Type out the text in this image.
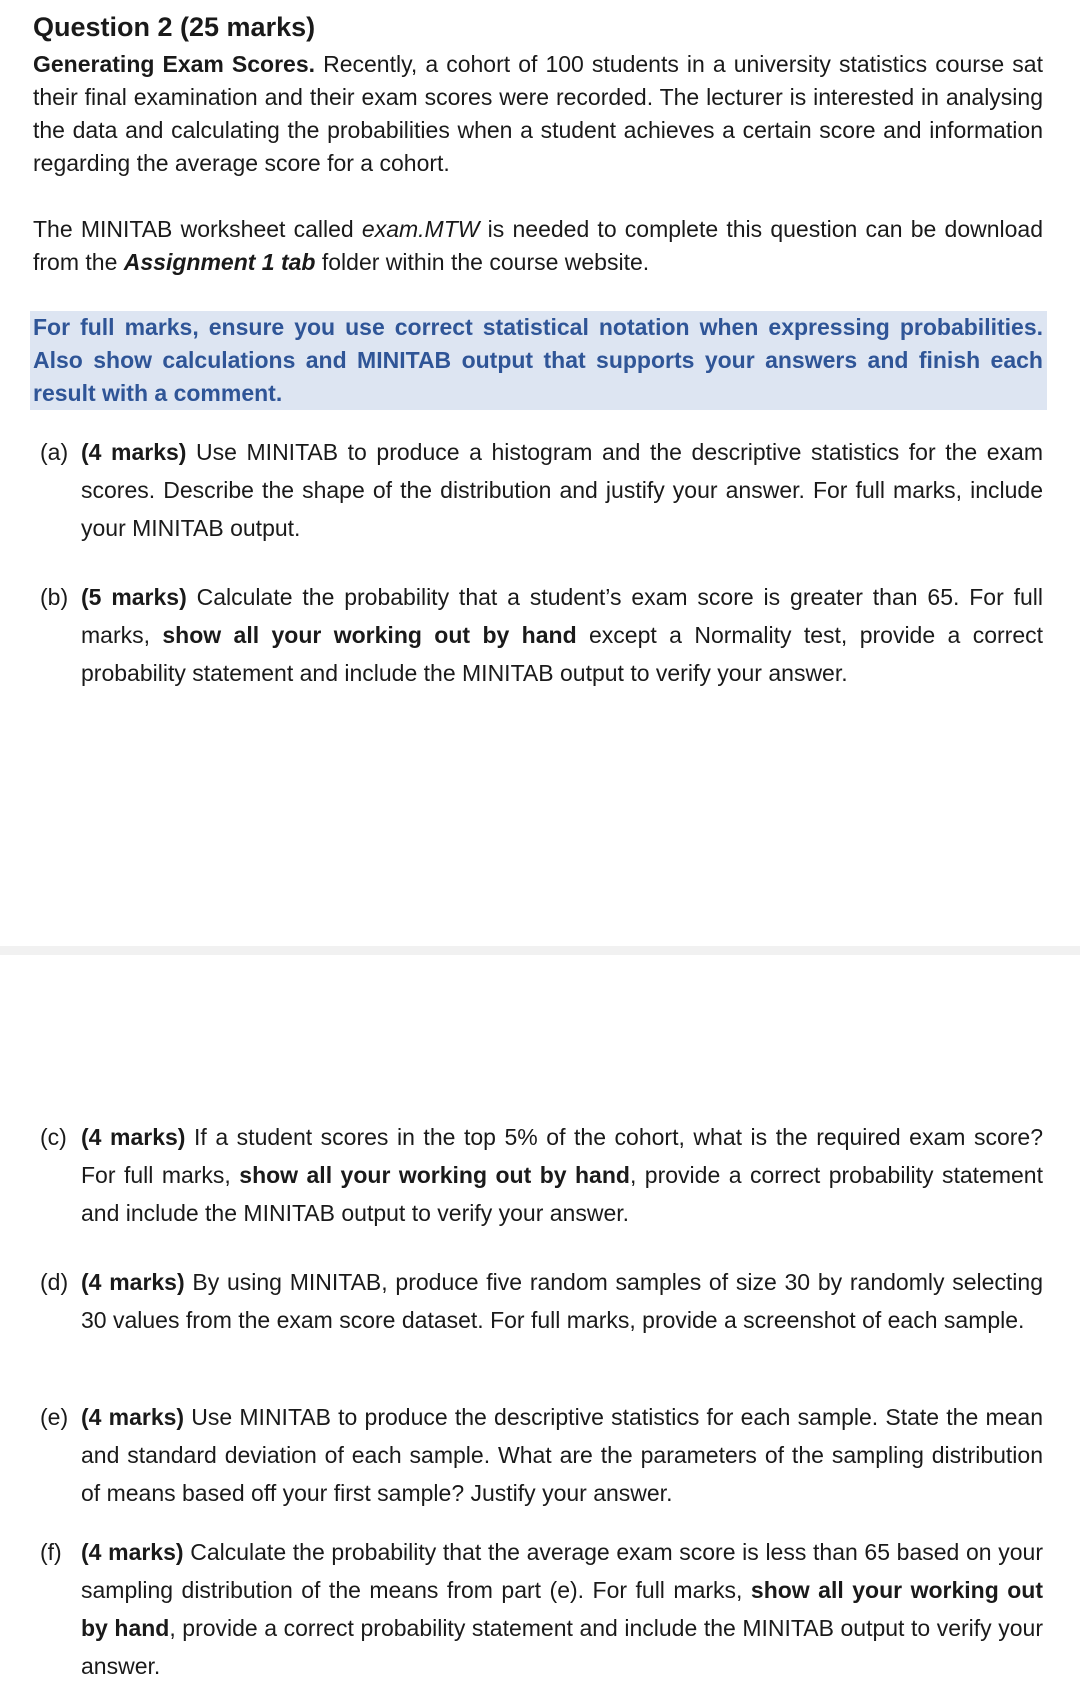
Question 2 (25 marks)

Generating Exam Scores. Recently, a cohort of 100 students in a university statistics course sat their final examination and their exam scores were recorded. The lecturer is interested in analysing the data and calculating the probabilities when a student achieves a certain score and information regarding the average score for a cohort.

The MINITAB worksheet called exam.MTW is needed to complete this question can be download from the Assignment 1 tab folder within the course website.

For full marks, ensure you use correct statistical notation when expressing probabilities. Also show calculations and MINITAB output that supports your answers and finish each result with a comment.
(a) (4 marks) Use MINITAB to produce a histogram and the descriptive statistics for the exam scores. Describe the shape of the distribution and justify your answer. For full marks, include your MINITAB output.
(b) (5 marks) Calculate the probability that a student’s exam score is greater than 65. For full marks, show all your working out by hand except a Normality test, provide a correct probability statement and include the MINITAB output to verify your answer.
(c) (4 marks) If a student scores in the top 5% of the cohort, what is the required exam score? For full marks, show all your working out by hand, provide a correct probability statement and include the MINITAB output to verify your answer.
(d) (4 marks) By using MINITAB, produce five random samples of size 30 by randomly selecting 30 values from the exam score dataset. For full marks, provide a screenshot of each sample.
(e) (4 marks) Use MINITAB to produce the descriptive statistics for each sample. State the mean and standard deviation of each sample. What are the parameters of the sampling distribution of means based off your first sample? Justify your answer.
(f) (4 marks) Calculate the probability that the average exam score is less than 65 based on your sampling distribution of the means from part (e). For full marks, show all your working out by hand, provide a correct probability statement and include the MINITAB output to verify your answer.
